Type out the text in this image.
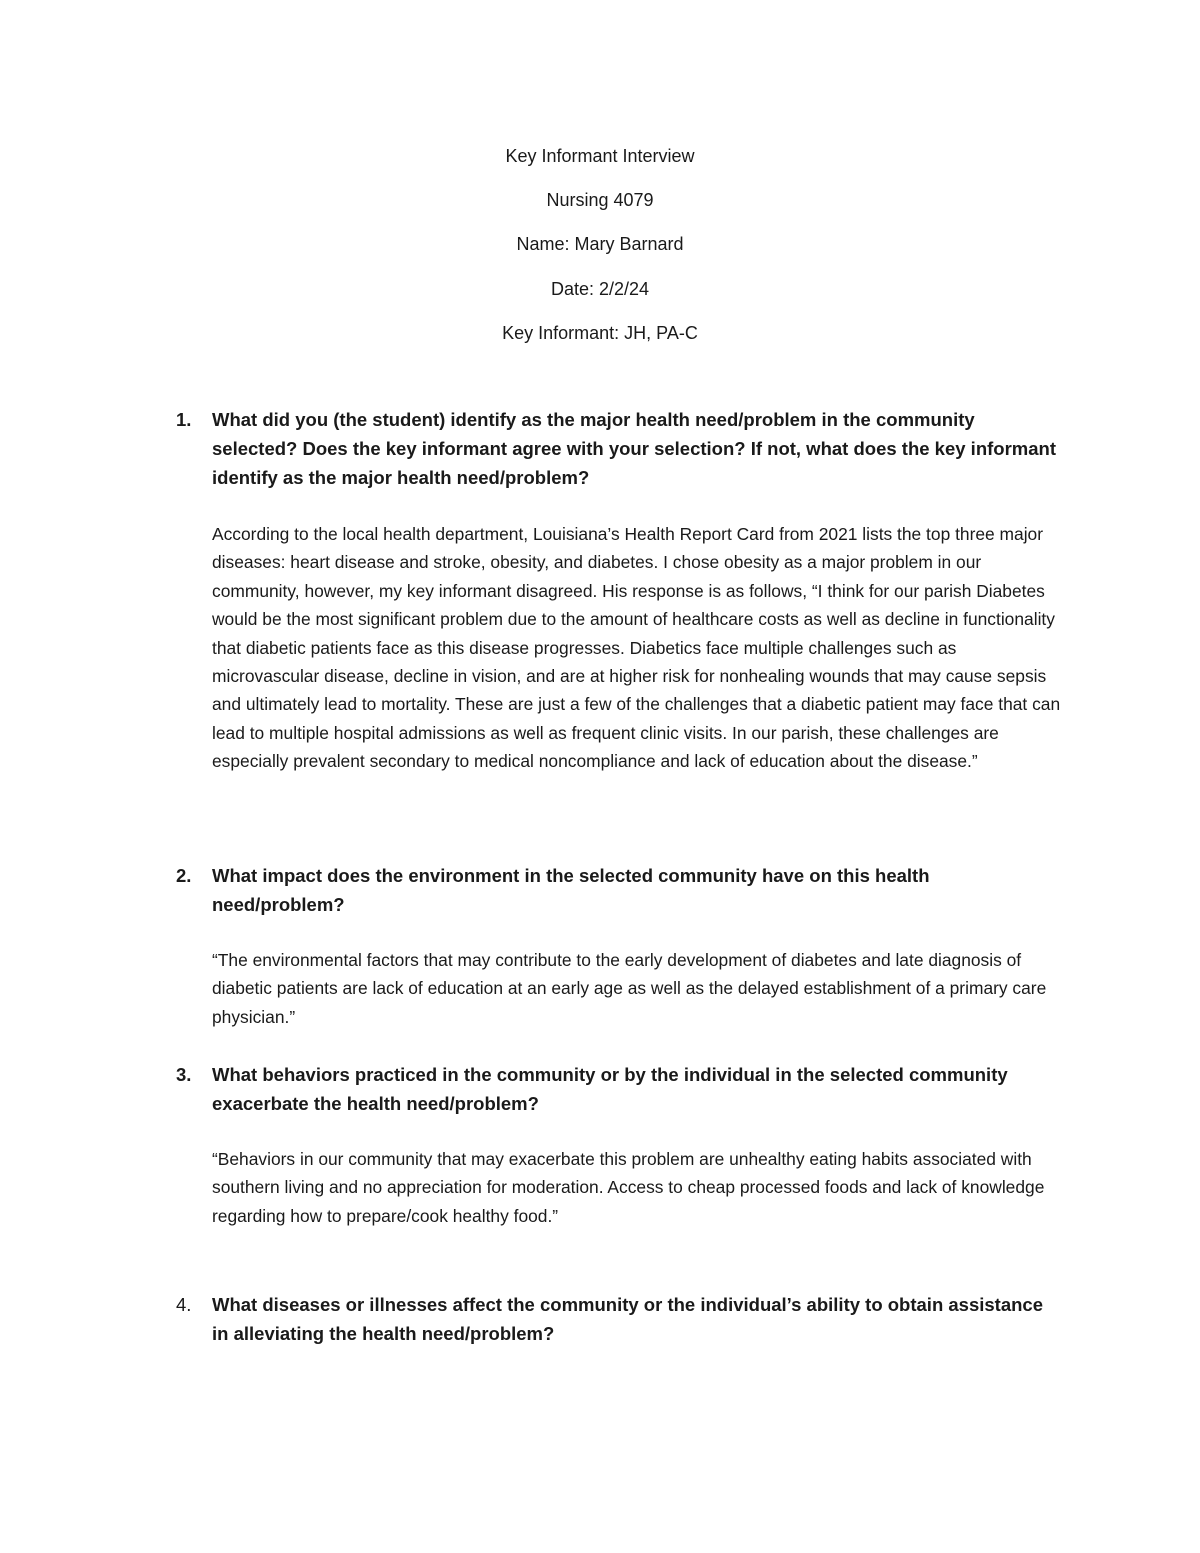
Key Informant Interview

Nursing 4079

Name: Mary Barnard

Date: 2/2/24

Key Informant: JH, PA-C

1.	What did you (the student) identify as the major health need/problem in the community selected? Does the key informant agree with your selection? If not, what does the key informant identify as the major health need/problem?

According to the local health department, Louisiana’s Health Report Card from 2021 lists the top three major diseases: heart disease and stroke, obesity, and diabetes. I chose obesity as a major problem in our community, however, my key informant disagreed. His response is as follows, “I think for our parish Diabetes would be the most significant problem due to the amount of healthcare costs as well as decline in functionality that diabetic patients face as this disease progresses. Diabetics face multiple challenges such as microvascular disease, decline in vision, and are at higher risk for nonhealing wounds that may cause sepsis and ultimately lead to mortality. These are just a few of the challenges that a diabetic patient may face that can lead to multiple hospital admissions as well as frequent clinic visits. In our parish, these challenges are especially prevalent secondary to medical noncompliance and lack of education about the disease.”

2.	What impact does the environment in the selected community have on this health need/problem?

“The environmental factors that may contribute to the early development of diabetes and late diagnosis of diabetic patients are lack of education at an early age as well as the delayed establishment of a primary care physician.”

3.	What behaviors practiced in the community or by the individual in the selected community exacerbate the health need/problem?

“Behaviors in our community that may exacerbate this problem are unhealthy eating habits associated with southern living and no appreciation for moderation. Access to cheap processed foods and lack of knowledge regarding how to prepare/cook healthy food.”

4.	What diseases or illnesses affect the community or the individual’s ability to obtain assistance in alleviating the health need/problem?
